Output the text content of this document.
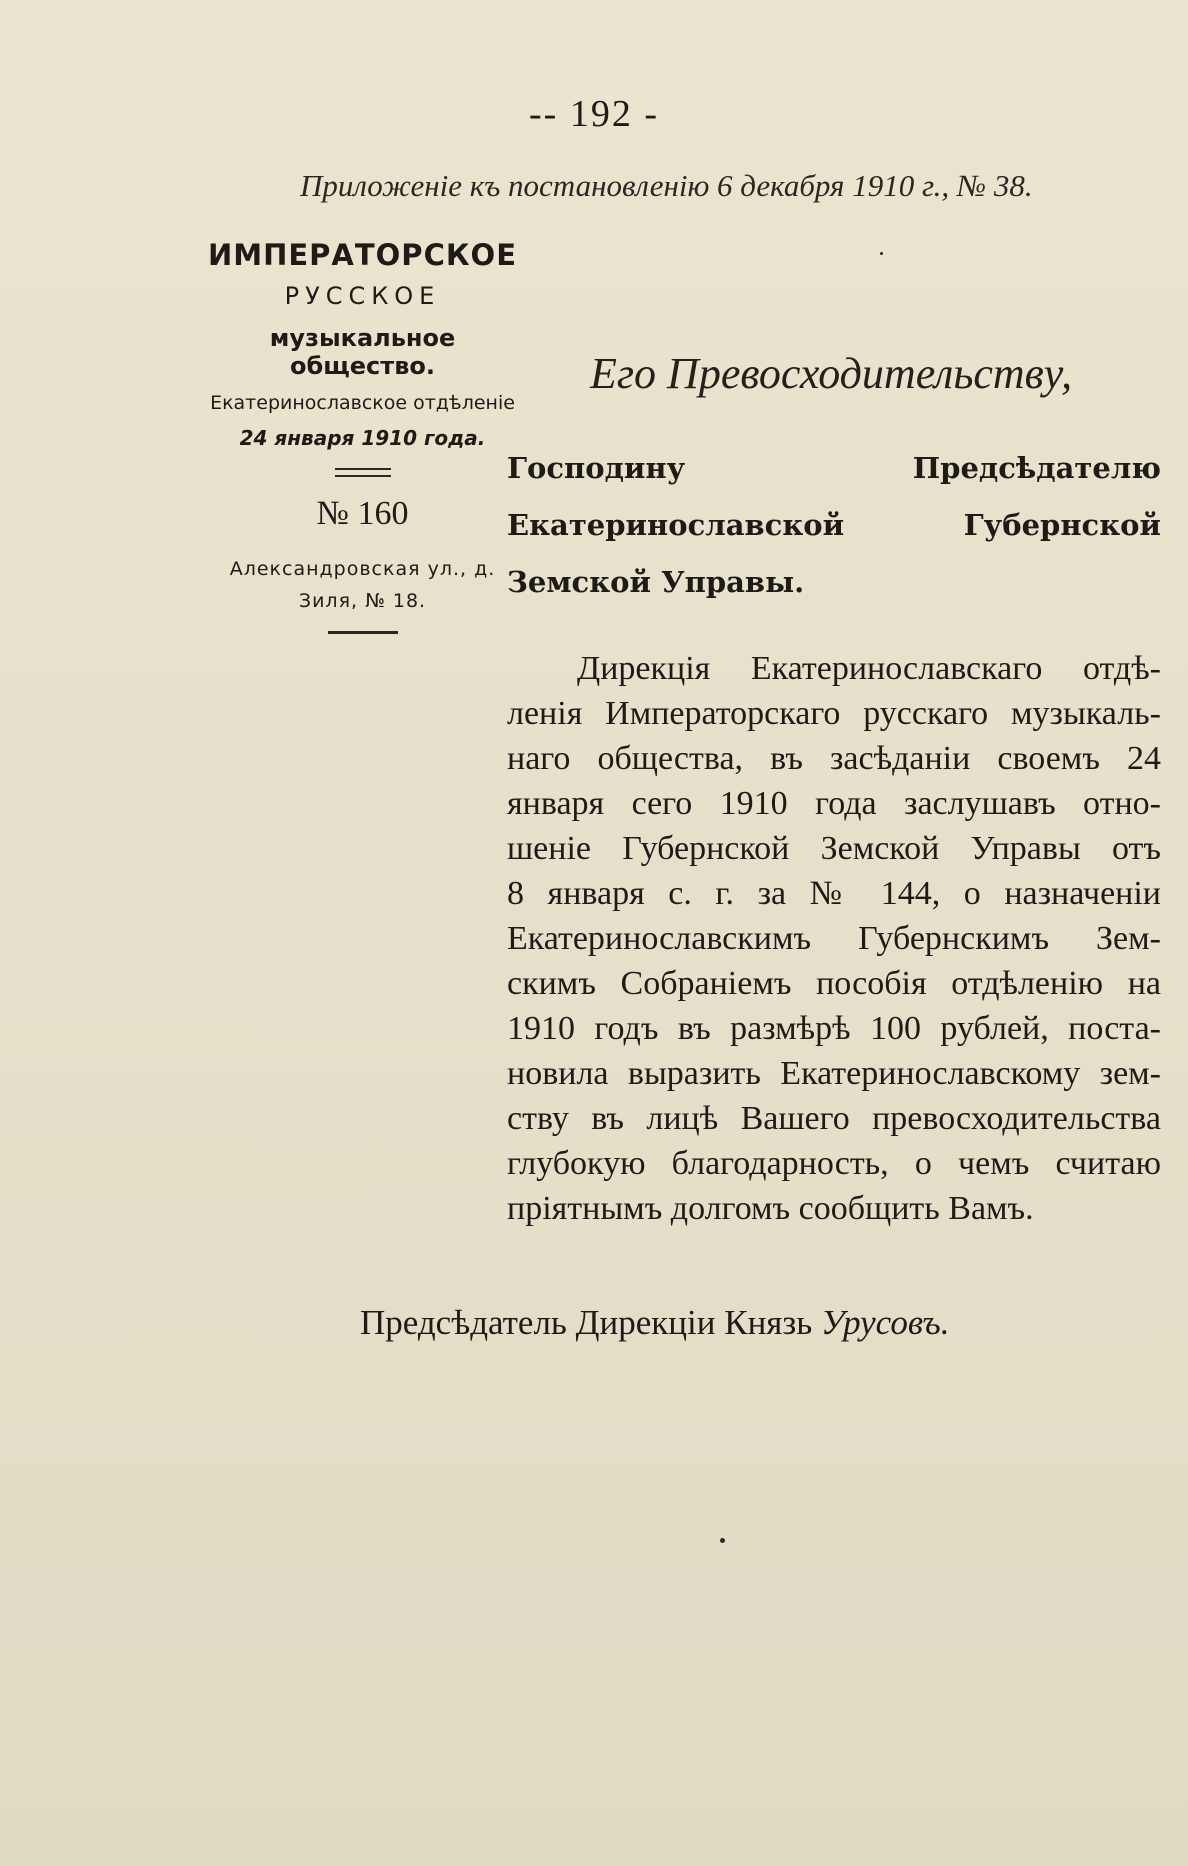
-- 192 -
Приложеніе къ постановленію 6 декабря 1910 г., № 38.
ИМПЕРАТОРСКОЕ
РУССКОЕ
музыкальное общество.
Екатеринославское отдѣленіе
24 января 1910 года.
№ 160
Александровская ул., д.
Зиля, № 18.
Его Превосходительству,
Господину Предсѣдателю Екатеринославской Губернской Земской Управы.
Дирекція Екатеринославскаго отдѣ-
ленія Императорскаго русскаго музыкаль-
наго общества, въ засѣданіи своемъ 24
января сего 1910 года заслушавъ отно-
шеніе Губернской Земской Управы отъ
8 января с. г. за № 144, о назначеніи
Екатеринославскимъ Губернскимъ Зем-
скимъ Собраніемъ пособія отдѣленію на
1910 годъ въ размѣрѣ 100 рублей, поста-
новила выразить Екатеринославскому зем-
ству въ лицѣ Вашего превосходительства
глубокую благодарность, о чемъ считаю
пріятнымъ долгомъ сообщить Вамъ.
Предсѣдатель Дирекціи Князь Урусовъ.
